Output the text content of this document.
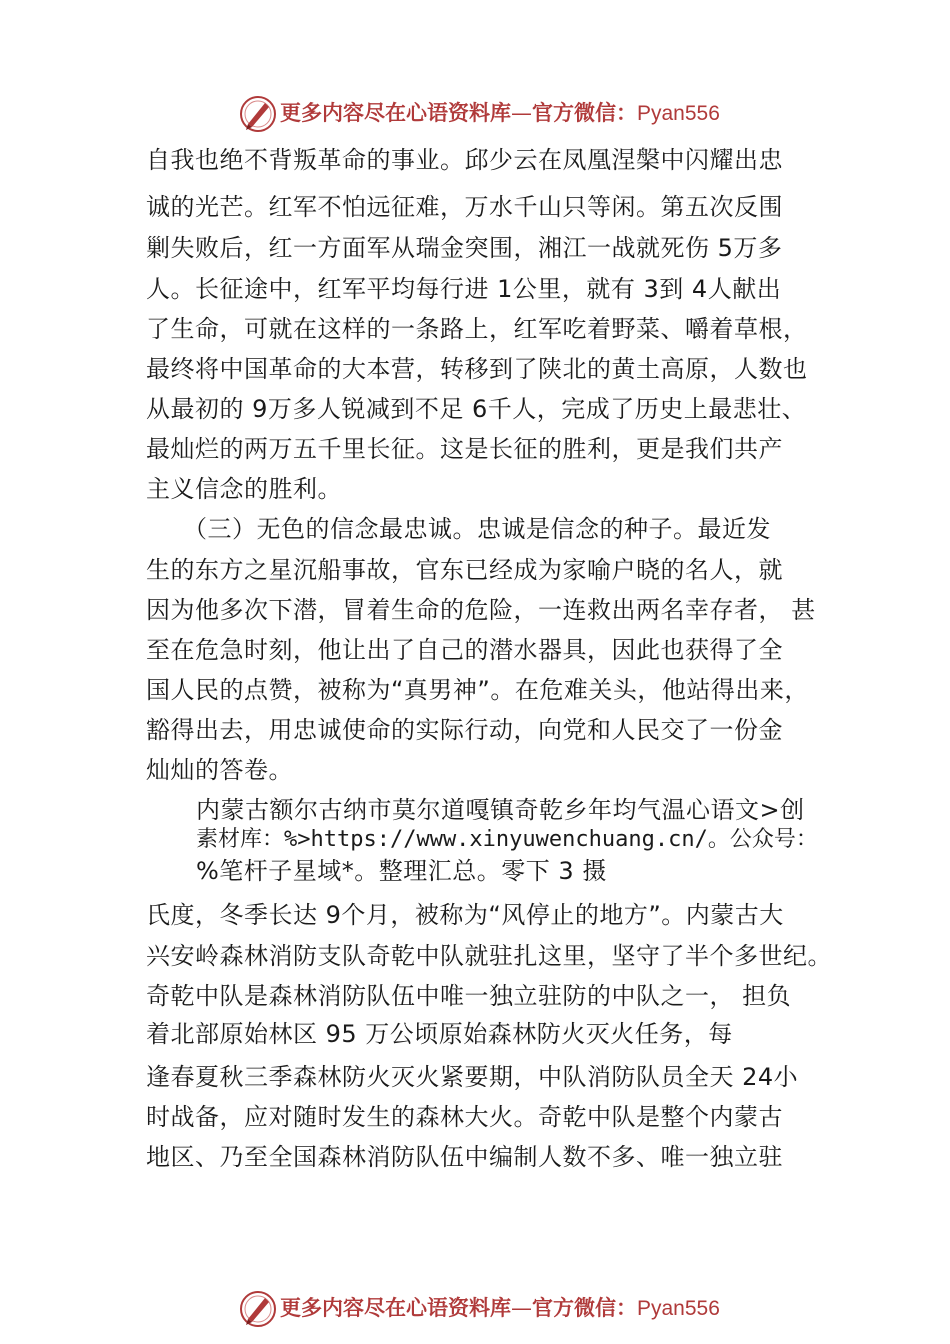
更多内容尽在心语资料库—官方微信：Pyan556
自我也绝不背叛革命的事业。邱少云在凤凰涅槃中闪耀出忠
诚的光芒。红军不怕远征难，万水千山只等闲。第五次反围
剿失败后，红一方面军从瑞金突围，湘江一战就死伤 5万多
人。长征途中，红军平均每行进 1公里，就有 3到 4人献出
了生命，可就在这样的一条路上，红军吃着野菜、嚼着草根，
最终将中国革命的大本营，转移到了陕北的黄土高原，人数也
从最初的 9万多人锐减到不足 6千人，完成了历史上最悲壮、
最灿烂的两万五千里长征。这是长征的胜利，更是我们共产
主义信念的胜利。
（三）无色的信念最忠诚。忠诚是信念的种子。最近发
生的东方之星沉船事故，官东已经成为家喻户晓的名人，就
因为他多次下潜，冒着生命的危险，一连救出两名幸存者， 甚
至在危急时刻，他让出了自己的潜水器具，因此也获得了全
国人民的点赞，被称为“真男神”。在危难关头，他站得出来，
豁得出去，用忠诚使命的实际行动，向党和人民交了一份金
灿灿的答卷。
内蒙古额尔古纳市莫尔道嘎镇奇乾乡年均气温心语文>创
素材库：%>https://www.xinyuwenchuang.cn/。公众号：
%笔杆子星域*。整理汇总。零下 3 摄
氏度，冬季长达 9个月，被称为“风停止的地方”。内蒙古大
兴安岭森林消防支队奇乾中队就驻扎这里，坚守了半个多世纪。
奇乾中队是森林消防队伍中唯一独立驻防的中队之一， 担负
着北部原始林区 95 万公顷原始森林防火灭火任务，每
逢春夏秋三季森林防火灭火紧要期，中队消防队员全天 24小
时战备，应对随时发生的森林大火。奇乾中队是整个内蒙古
地区、乃至全国森林消防队伍中编制人数不多、唯一独立驻
更多内容尽在心语资料库—官方微信：Pyan556
